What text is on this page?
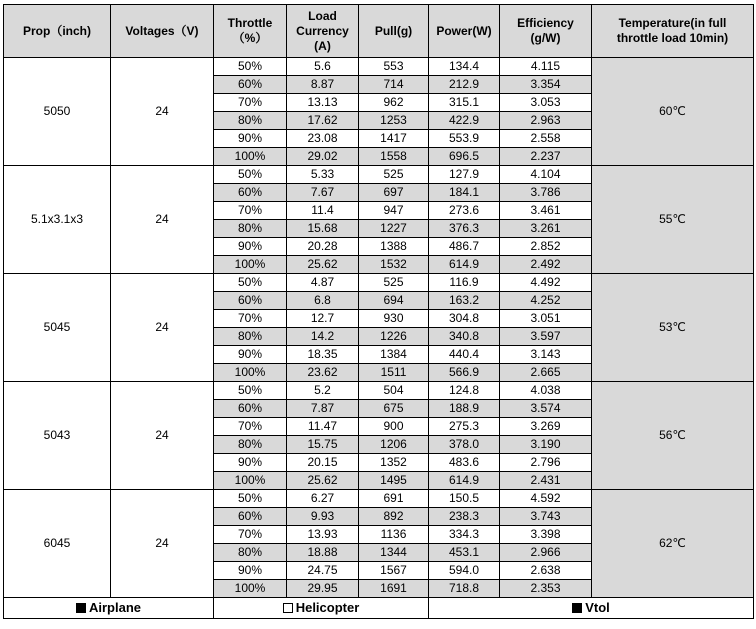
Prop（inch)	Voltages（V)	Throttle（%）	Load Currency (A)	Pull(g)	Power(W)	Efficiency (g/W)	Temperature(in full throttle load 10min)
5050	24	50%	5.6	553	134.4	4.115	60℃
		60%	8.87	714	212.9	3.354	
		70%	13.13	962	315.1	3.053	
		80%	17.62	1253	422.9	2.963	
		90%	23.08	1417	553.9	2.558	
		100%	29.02	1558	696.5	2.237	
5.1x3.1x3	24	50%	5.33	525	127.9	4.104	55℃
		60%	7.67	697	184.1	3.786	
		70%	11.4	947	273.6	3.461	
		80%	15.68	1227	376.3	3.261	
		90%	20.28	1388	486.7	2.852	
		100%	25.62	1532	614.9	2.492	
5045	24	50%	4.87	525	116.9	4.492	53℃
		60%	6.8	694	163.2	4.252	
		70%	12.7	930	304.8	3.051	
		80%	14.2	1226	340.8	3.597	
		90%	18.35	1384	440.4	3.143	
		100%	23.62	1511	566.9	2.665	
5043	24	50%	5.2	504	124.8	4.038	56℃
		60%	7.87	675	188.9	3.574	
		70%	11.47	900	275.3	3.269	
		80%	15.75	1206	378.0	3.190	
		90%	20.15	1352	483.6	2.796	
		100%	25.62	1495	614.9	2.431	
6045	24	50%	6.27	691	150.5	4.592	62℃
		60%	9.93	892	238.3	3.743	
		70%	13.93	1136	334.3	3.398	
		80%	18.88	1344	453.1	2.966	
		90%	24.75	1567	594.0	2.638	
		100%	29.95	1691	718.8	2.353	
Airplane		Helicopter			Vtol		
